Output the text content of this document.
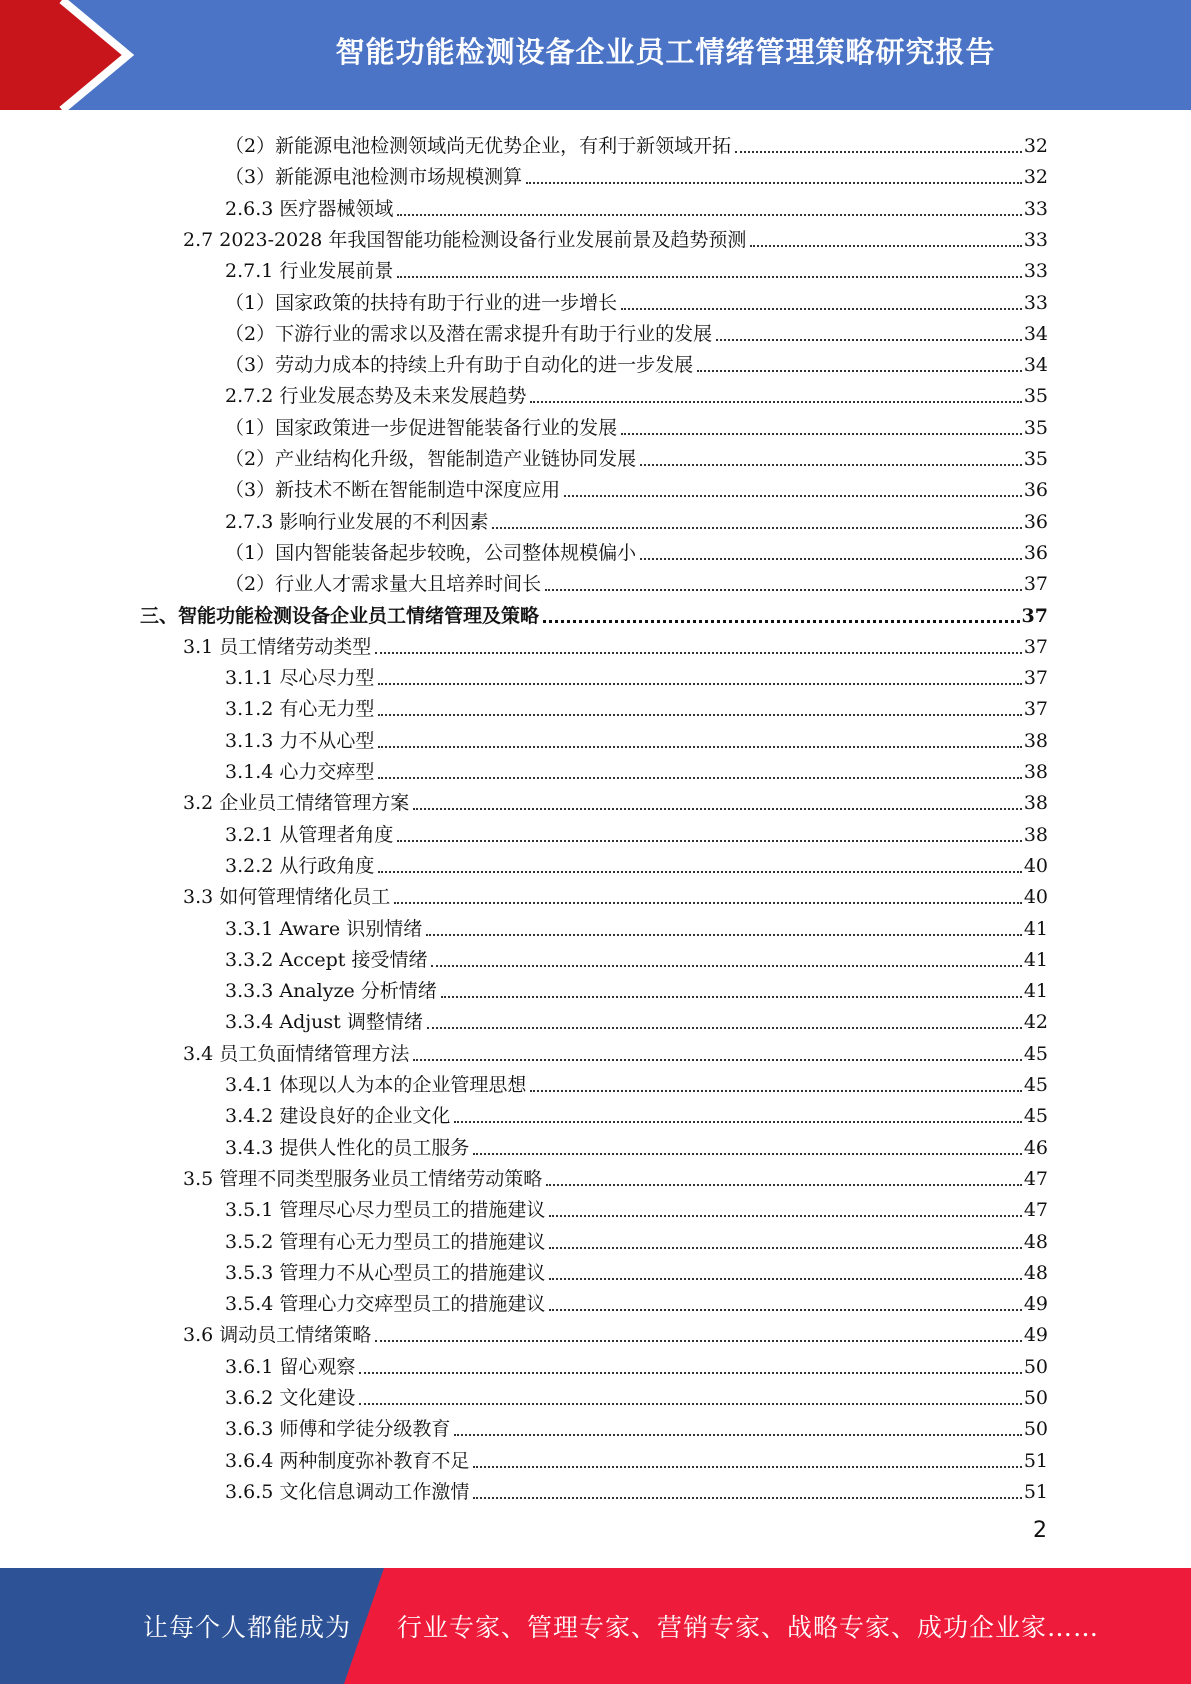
智能功能检测设备企业员工情绪管理策略研究报告
（2）新能源电池检测领域尚无优势企业，有利于新领域开拓	32
（3）新能源电池检测市场规模测算	32
2.6.3 医疗器械领域	33
2.7 2023-2028 年我国智能功能检测设备行业发展前景及趋势预测	33
2.7.1 行业发展前景	33
（1）国家政策的扶持有助于行业的进一步增长	33
（2）下游行业的需求以及潜在需求提升有助于行业的发展	34
（3）劳动力成本的持续上升有助于自动化的进一步发展	34
2.7.2 行业发展态势及未来发展趋势	35
（1）国家政策进一步促进智能装备行业的发展	35
（2）产业结构化升级，智能制造产业链协同发展	35
（3）新技术不断在智能制造中深度应用	36
2.7.3 影响行业发展的不利因素	36
（1）国内智能装备起步较晚，公司整体规模偏小	36
（2）行业人才需求量大且培养时间长	37
三、智能功能检测设备企业员工情绪管理及策略	37
3.1 员工情绪劳动类型	37
3.1.1 尽心尽力型	37
3.1.2 有心无力型	37
3.1.3 力不从心型	38
3.1.4 心力交瘁型	38
3.2 企业员工情绪管理方案	38
3.2.1 从管理者角度	38
3.2.2 从行政角度	40
3.3 如何管理情绪化员工	40
3.3.1 Aware 识别情绪	41
3.3.2 Accept 接受情绪	41
3.3.3 Analyze 分析情绪	41
3.3.4 Adjust 调整情绪	42
3.4 员工负面情绪管理方法	45
3.4.1 体现以人为本的企业管理思想	45
3.4.2 建设良好的企业文化	45
3.4.3 提供人性化的员工服务	46
3.5 管理不同类型服务业员工情绪劳动策略	47
3.5.1 管理尽心尽力型员工的措施建议	47
3.5.2 管理有心无力型员工的措施建议	48
3.5.3 管理力不从心型员工的措施建议	48
3.5.4 管理心力交瘁型员工的措施建议	49
3.6 调动员工情绪策略	49
3.6.1 留心观察	50
3.6.2 文化建设	50
3.6.3 师傅和学徒分级教育	50
3.6.4 两种制度弥补教育不足	51
3.6.5 文化信息调动工作激情	51
2
让每个人都能成为 行业专家、管理专家、营销专家、战略专家、成功企业家……
